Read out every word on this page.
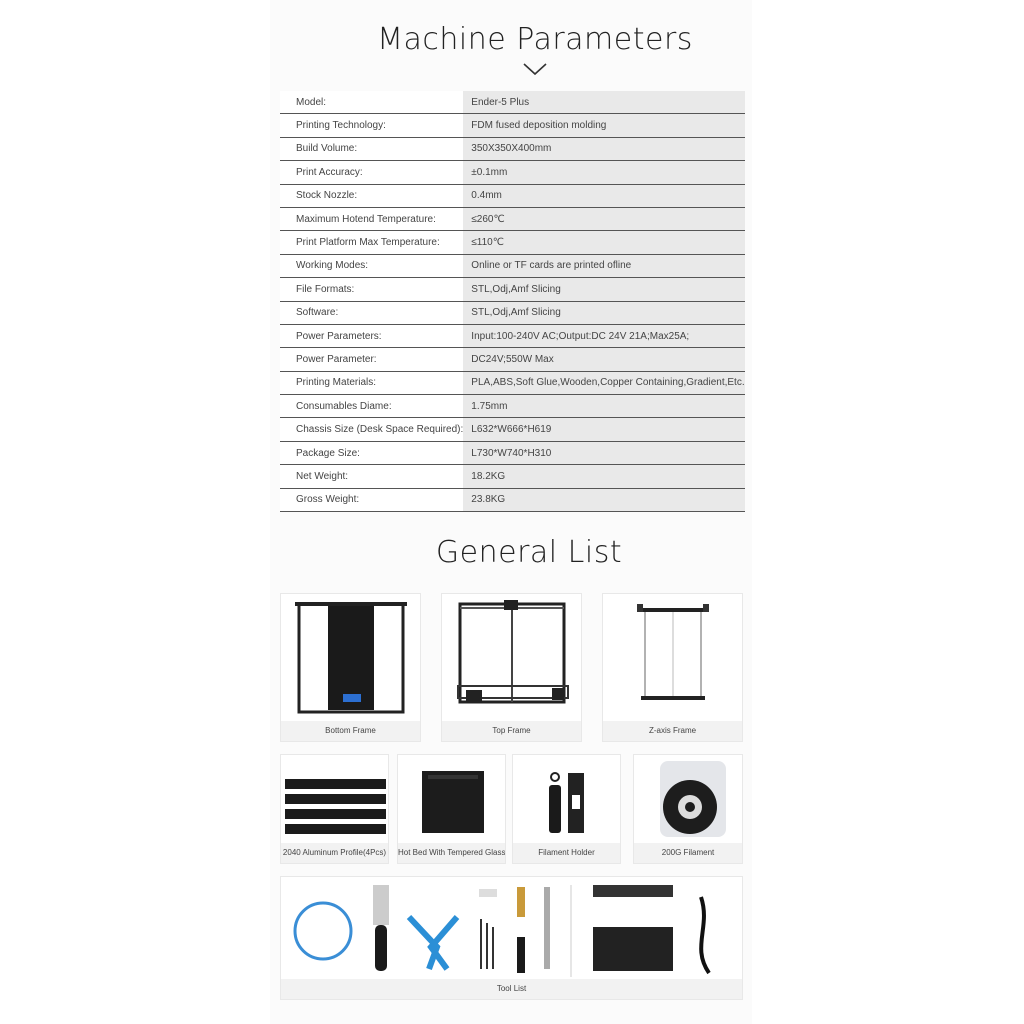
Machine Parameters
Model:	Ender-5 Plus
Printing Technology:	FDM fused deposition molding
Build Volume:	350X350X400mm
Print Accuracy:	±0.1mm
Stock Nozzle:	0.4mm
Maximum Hotend Temperature:	≤260℃
Print Platform Max Temperature:	≤110℃
Working Modes:	Online or TF cards are printed ofline
File Formats:	STL,Odj,Amf Slicing
Software:	STL,Odj,Amf Slicing
Power Parameters:	Input:100-240V AC;Output:DC 24V 21A;Max25A;
Power Parameter:	DC24V;550W Max
Printing Materials:	PLA,ABS,Soft Glue,Wooden,Copper Containing,Gradient,Etc.
Consumables Diame:	1.75mm
Chassis Size (Desk Space Required):	L632*W666*H619
Package Size:	L730*W740*H310
Net Weight:	18.2KG
Gross Weight:	23.8KG
General List
Bottom Frame	Top Frame	Z-axis Frame
2040 Aluminum Profile(4Pcs) Hot Bed With Tempered Glass	Filament Holder	200G Filament
Tool List
